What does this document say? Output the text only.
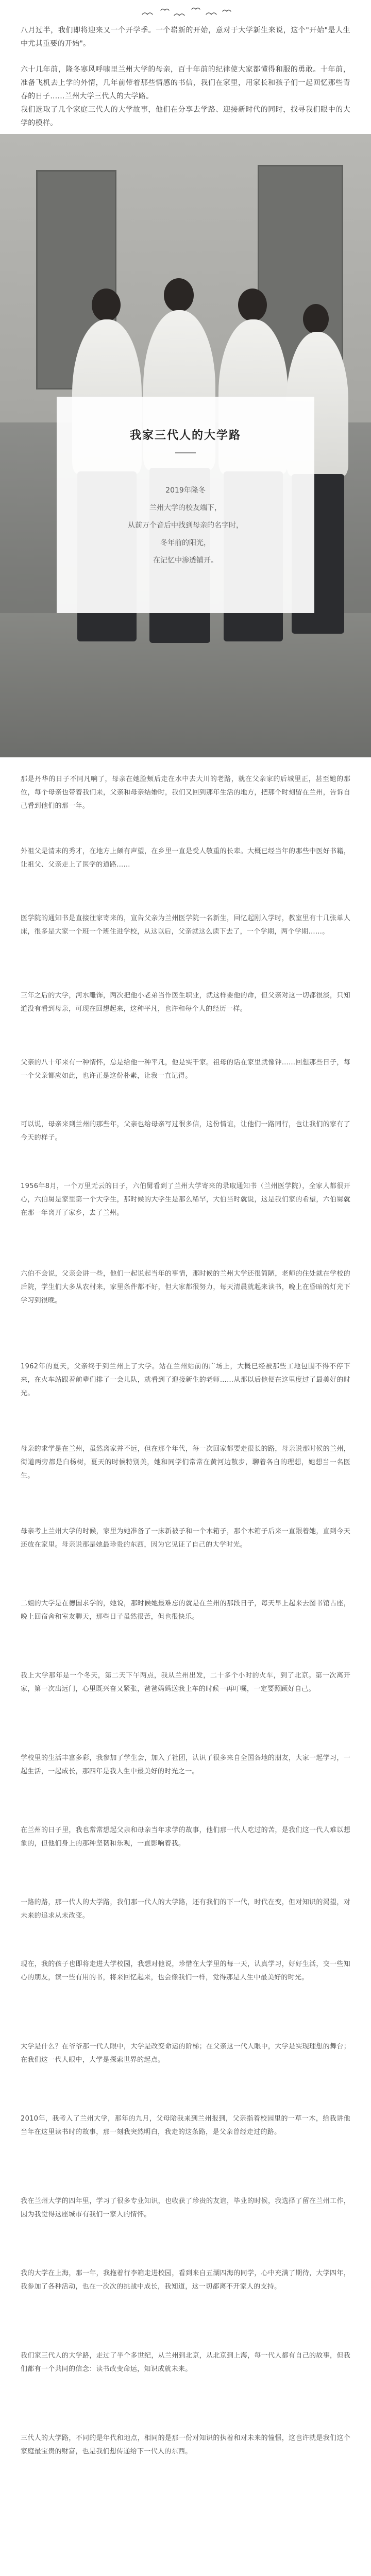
八月过半，我们即将迎来又一个开学季。一个崭新的开始，意对于大学新生来说，这个"开始"是人生中尤其重要的开始"。

六十几年前，隆冬寒风呼啸里兰州大学的母亲，百十年前的纪律使大家都懂得和服的勇敢。十年前，准备飞机去上学的外情，几年前带着那些情感的书信，我们在家里，用家长和孩子们一起回忆那些青春的日子……兰州大学三代人的大学路。

我们选取了几个家庭三代人的大学故事，他们在分享去学路、迎接新时代的同时，找寻我们眼中的大学的模样。

我家三代人的大学路
2019年隆冬
兰州大学的校友端下，
从前万个音后中找到母亲的名字时，
冬年前的阳光，
在记忆中渗透铺开。

那是丹华的日子不同凡响了，母亲在她脸颊后走在水中去大川的老路，就在父亲家的后城里正，甚至她的那位，每个母亲也带着我们来，父亲和母亲结婚时，我们又回到那年生活的地方，把那个时刻留在兰州，告诉自己看到他们的那一年。

外祖父是清末的秀才，在地方上颇有声望，在乡里一直是受人敬重的长辈。大概已经当年的那些中医好书籍，让祖父、父亲走上了医学的道路……

医学院的通知书是直接往家寄来的，宣告父亲为兰州医学院一名新生，回忆起刚入学时，教室里有十几张单人床，很多是大家一个班一个班住进学校，从这以后，父亲就这么读下去了，一个学期，两个学期……。

三年之后的大学，河水雕饰，两次把他小老弟当作医生职业，就这样要他的命，但父亲对这一切都很淡，只知道没有看到母亲，可现在回想起来，这种平凡，也许和每个人的经历一样。

父亲的八十年来有一种情怀，总是给他一种平凡，他是实干家。祖母的话在家里就像钟……回想那些日子，每一个父亲都应如此，也许正是这份朴素，让我一直记得。

可以说，母亲来到兰州的那些年，父亲也给母亲写过很多信，这份情谊，让他们一路同行，也让我们的家有了今天的样子。

1956年8月，一个万里无云的日子，六伯舅看到了兰州大学寄来的录取通知书（兰州医学院），全家人都很开心，六伯舅是家里第一个大学生，那时候的大学生是那么稀罕，大伯当时就说，这是我们家的希望，六伯舅就在那一年离开了家乡，去了兰州。

六伯不会说，父亲会讲一些，他们一起说起当年的事情，那时候的兰州大学还很简陋，老师的住处就在学校的后院，学生们大多从农村来，家里条件都不好，但大家都很努力，每天清晨就起来读书，晚上在昏暗的灯光下学习到很晚。

1962年的夏天，父亲终于到兰州上了大学。站在兰州站前的广场上，大概已经被那些工地包围不得不停下来，在火车站跟着前辈们排了一会儿队，就看到了迎接新生的老师……从那以后他便在这里度过了最美好的时光。

母亲的求学是在兰州，虽然离家并不远，但在那个年代，每一次回家都要走很长的路，母亲说那时候的兰州，街道两旁都是白杨树，夏天的时候特别美，她和同学们常常在黄河边散步，聊着各自的理想，她想当一名医生。

母亲考上兰州大学的时候，家里为她准备了一床新被子和一个木箱子，那个木箱子后来一直跟着她，直到今天还放在家里。母亲说那是她最珍贵的东西，因为它见证了自己的大学时光。

二姐的大学是在德国求学的，她说，那时候她最难忘的就是在兰州的那段日子，每天早上起来去图书馆占座，晚上回宿舍和室友聊天，那些日子虽然很苦，但也很快乐。

我上大学那年是一个冬天，第二天下午两点，我从兰州出发，二十多个小时的火车，到了北京。第一次离开家，第一次出远门，心里既兴奋又紧张，爸爸妈妈送我上车的时候一再叮嘱，一定要照顾好自己。

学校里的生活丰富多彩，我参加了学生会，加入了社团，认识了很多来自全国各地的朋友，大家一起学习，一起生活，一起成长，那四年是我人生中最美好的时光之一。

在兰州的日子里，我也常常想起父亲和母亲当年求学的故事，他们那一代人吃过的苦，是我们这一代人难以想象的，但他们身上的那种坚韧和乐观，一直影响着我。

一路的路，那一代人的大学路，我们那一代人的大学路，还有我们的下一代，时代在变，但对知识的渴望，对未来的追求从未改变。

现在，我的孩子也即将走进大学校园，我想对他说，珍惜在大学里的每一天，认真学习，好好生活，交一些知心的朋友，读一些有用的书，将来回忆起来，也会像我们一样，觉得那是人生中最美好的时光。

大学是什么？在爷爷那一代人眼中，大学是改变命运的阶梯；在父亲这一代人眼中，大学是实现理想的舞台；在我们这一代人眼中，大学是探索世界的起点。

2010年，我考入了兰州大学，那年的九月，父母陪我来到兰州报到，父亲指着校园里的一草一木，给我讲他当年在这里读书时的故事，那一刻我突然明白，我走的这条路，是父亲曾经走过的路。

我在兰州大学的四年里，学习了很多专业知识，也收获了珍贵的友谊，毕业的时候，我选择了留在兰州工作，因为我觉得这座城市有我们一家人的情怀。

我的大学在上海，那一年，我拖着行李箱走进校园，看到来自五湖四海的同学，心中充满了期待，大学四年，我参加了各种活动，也在一次次的挑战中成长，我知道，这一切都离不开家人的支持。

我们家三代人的大学路，走过了半个多世纪，从兰州到北京，从北京到上海，每一代人都有自己的故事，但我们都有一个共同的信念：读书改变命运，知识成就未来。

三代人的大学路，不同的是年代和地点，相同的是那一份对知识的执着和对未来的憧憬，这也许就是我们这个家庭最宝贵的财富，也是我们想传递给下一代人的东西。
